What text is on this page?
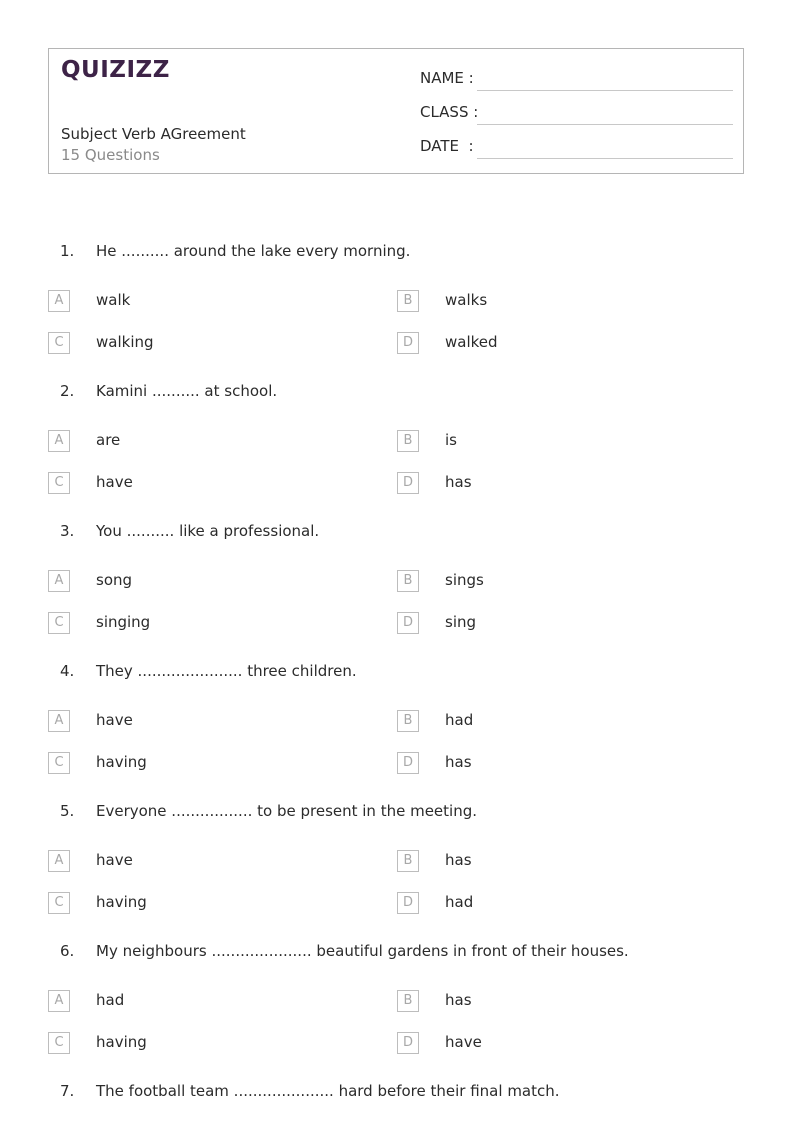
QUIZIZZ
Subject Verb AGreement
15 Questions
NAME :
CLASS :
DATE  :
1. He .......... around the lake every morning.
A	walk	B	walks
C	walking	D	walked
2. Kamini .......... at school.
A	are	B	is
C	have	D	has
3. You .......... like a professional.
A	song	B	sings
C	singing	D	sing
4. They ...................... three children.
A	have	B	had
C	having	D	has
5. Everyone ................. to be present in the meeting.
A	have	B	has
C	having	D	had
6. My neighbours ..................... beautiful gardens in front of their houses.
A	had	B	has
C	having	D	have
7. The football team ..................... hard before their final match.
